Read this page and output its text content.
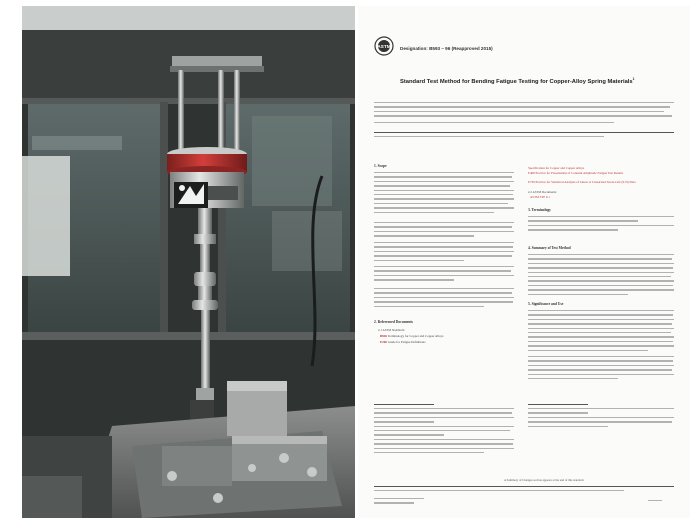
ASTM Designation: B593 – 96 (Reapproved 2015)
Standard Test Method for Bending Fatigue Testing for Copper-Alloy Spring Materials$^1$
1. Scope
2. Referenced Documents
2.1 ASTM Standards:
B846 Terminology for Copper and Copper Alloys
E206 Guide for Fatigue Definitions
Specification for Copper and Copper Alloys
E468 Practice for Presentation of Constant Amplitude Fatigue Test Results
E739 Practice for Statistical Analysis of Linear or Linearized Stress-Life (S-N) Data
2.2 ASTM Documents:
ASTM STP 9.1
3. Terminology
4. Summary of Test Method
5. Significance and Use
A Summary of Changes section appears at the end of this standard.
